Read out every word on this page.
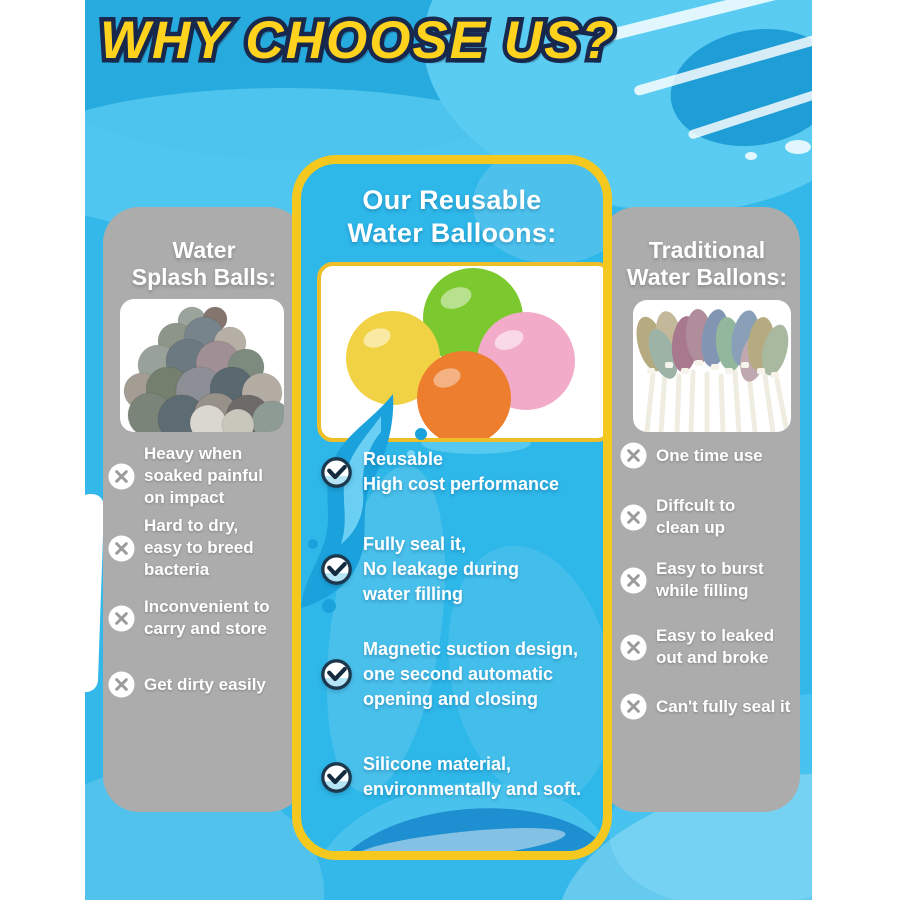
WHY CHOOSE US?
Water
Splash Balls:
Heavy when
soaked painful
on impact
Hard to dry,
easy to breed
bacteria
Inconvenient to
carry and store
Get dirty easily
Traditional
Water Ballons:
One time use
Diffcult to
clean up
Easy to burst
while filling
Easy to leaked
out and broke
Can't fully seal it
Our Reusable
Water Balloons:
Reusable
High cost performance
Fully seal it,
No leakage during
water filling
Magnetic suction design,
one second automatic
opening and closing
Silicone material,
environmentally and soft.
